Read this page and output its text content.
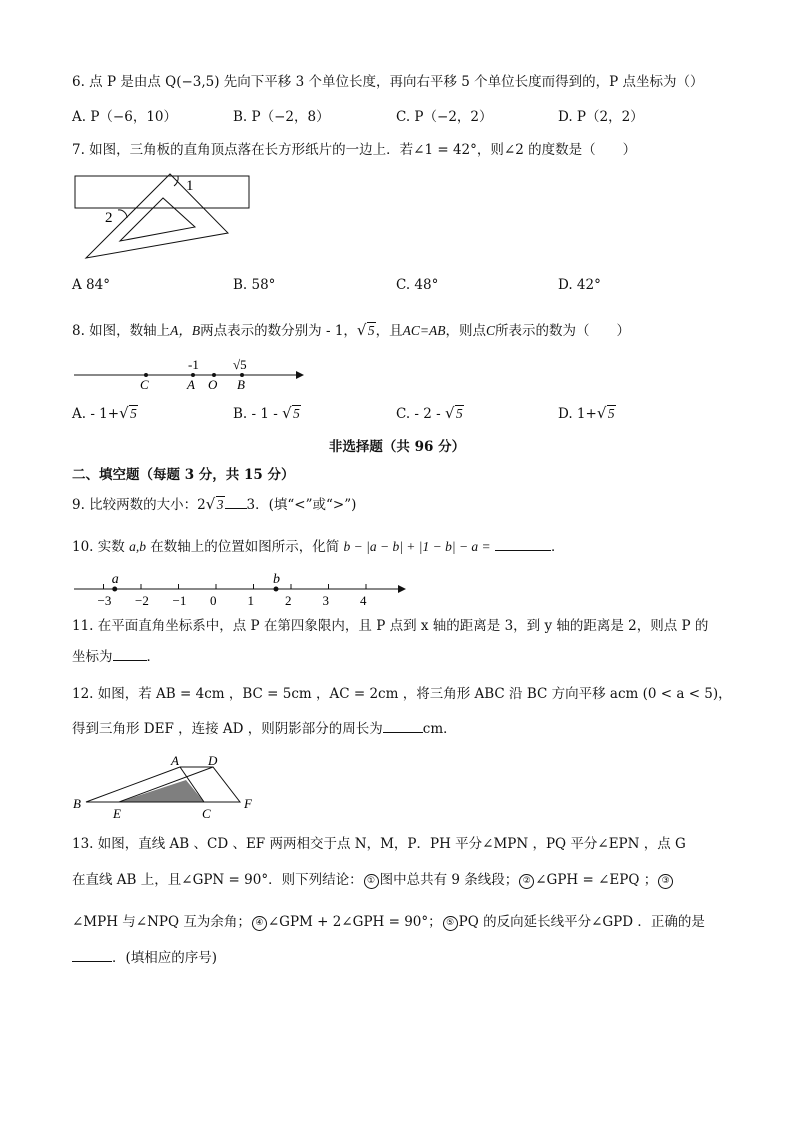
6. 点 P 是由点 Q(−3,5) 先向下平移 3 个单位长度，再向右平移 5 个单位长度而得到的，P 点坐标为（）
A. P（−6，10）	B. P（−2，8）	C. P（−2，2）	D. P（2，2）
7. 如图，三角板的直角顶点落在长方形纸片的一边上．若∠1 = 42°，则∠2 的度数是（　　）
1
2
A 84°	B. 58°	C. 48°	D. 42°
8. 如图，数轴上A，B两点表示的数分别为 - 1， √ 5，且AC=AB，则点C所表示的数为（　　）
-1	√5
C	A O B
A. - 1+ √ 5	B. - 1 - √ 5	C. - 2 - √ 5	D. 1+ √ 5
非选择题（共 96 分）
二、填空题（每题 3 分，共 15 分）
9. 比较两数的大小：2 √ 3 3．(填“<”或“>”)
10. 实数 a,b 在数轴上的位置如图所示，化简 b − |a − b| + |1 − b| − a =	．
−3 −2 −1 0 1 2 3 4
a	b
11. 在平面直角坐标系中，点 P 在第四象限内，且 P 点到 x 轴的距离是 3，到 y 轴的距离是 2，则点 P 的
坐标为	．
12. 如图，若 AB = 4cm ，BC = 5cm ，AC = 2cm ，将三角形 ABC 沿 BC 方向平移 acm (0 < a < 5)，
得到三角形 DEF ，连接 AD ，则阴影部分的周长为	cm．
A D
B
E	C
F
13. 如图，直线 AB 、CD 、EF 两两相交于点 N，M，P．PH 平分∠MPN ，PQ 平分∠EPN ，点 G
在直线 AB 上，且∠GPN = 90°．则下列结论： ① 图中总共有 9 条线段； ② ∠GPH = ∠EPQ ； ③
∠MPH 与∠NPQ 互为余角； ④ ∠GPM + 2∠GPH = 90°； ⑤ PQ 的反向延长线平分∠GPD ．正确的是
．(填相应的序号)
